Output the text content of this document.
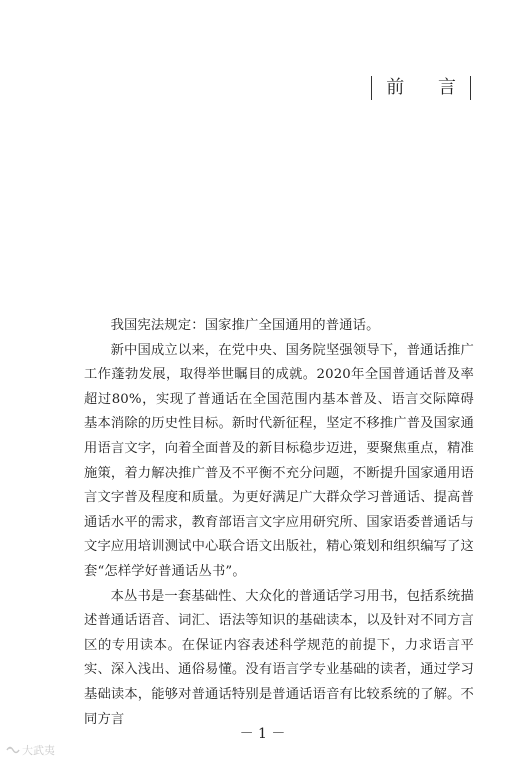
前 言

我国宪法规定：国家推广全国通用的普通话。

新中国成立以来，在党中央、国务院坚强领导下，普通话推广工作蓬勃发展，取得举世瞩目的成就。2020年全国普通话普及率超过80%，实现了普通话在全国范围内基本普及、语言交际障碍基本消除的历史性目标。新时代新征程，坚定不移推广普及国家通用语言文字，向着全面普及的新目标稳步迈进，要聚焦重点，精准施策，着力解决推广普及不平衡不充分问题，不断提升国家通用语言文字普及程度和质量。为更好满足广大群众学习普通话、提高普通话水平的需求，教育部语言文字应用研究所、国家语委普通话与文字应用培训测试中心联合语文出版社，精心策划和组织编写了这套“怎样学好普通话丛书”。

本丛书是一套基础性、大众化的普通话学习用书，包括系统描述普通话语音、词汇、语法等知识的基础读本，以及针对不同方言区的专用读本。在保证内容表述科学规范的前提下，力求语言平实、深入浅出、通俗易懂。没有语言学专业基础的读者，通过学习基础读本，能够对普通话特别是普通话语音有比较系统的了解。不同方言

－ 1 －
大武夷
